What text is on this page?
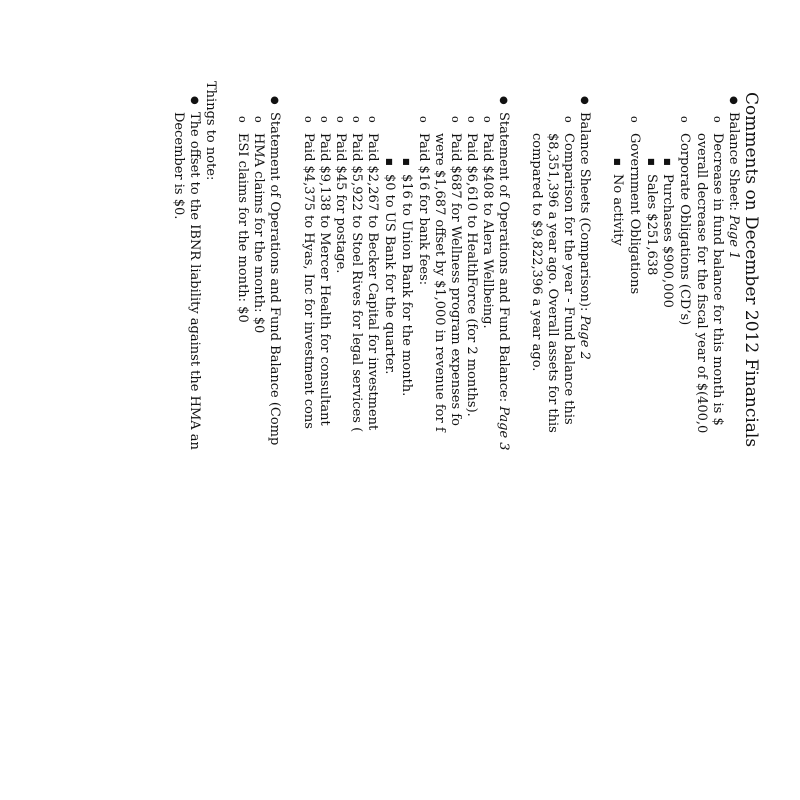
Comments on December 2012 Financials
●
Balance Sheet: Page 1
o
Decrease in fund balance for this month is $
overall decrease for the fiscal year of $(400,0
o
Corporate Obligations (CD’s)
■
Purchases $900,000
■
Sales $251,638
o
Government Obligations
■
No activity
●
Balance Sheets (Comparison): Page 2
o
Comparison for the year - Fund balance this
$8,351,396 a year ago. Overall assets for this
compared to $9,822,396 a year ago.
●
Statement of Operations and Fund Balance: Page 3
o
Paid $408 to Alera Wellbeing.
o
Paid $6,610 to HealthForce (for 2 months).
o
Paid $687 for Wellness program expenses fo
were $1,687 offset by $1,000 in revenue for f
o
Paid $16 for bank fees:
■
$16 to Union Bank for the month.
■
$0 to US Bank for the quarter.
o
Paid $2,267 to Becker Capital for investment
o
Paid $5,922 to Stoel Rives for legal services (
o
Paid $45 for postage.
o
Paid $9,138 to Mercer Health for consultant
o
Paid $4,375 to Hyas, Inc for investment cons
●
Statement of Operations and Fund Balance (Comp
o
HMA claims for the month: $0
o
ESI claims for the month: $0
Things to note:
●
The offset to the IBNR liability against the HMA an
December is $0.
